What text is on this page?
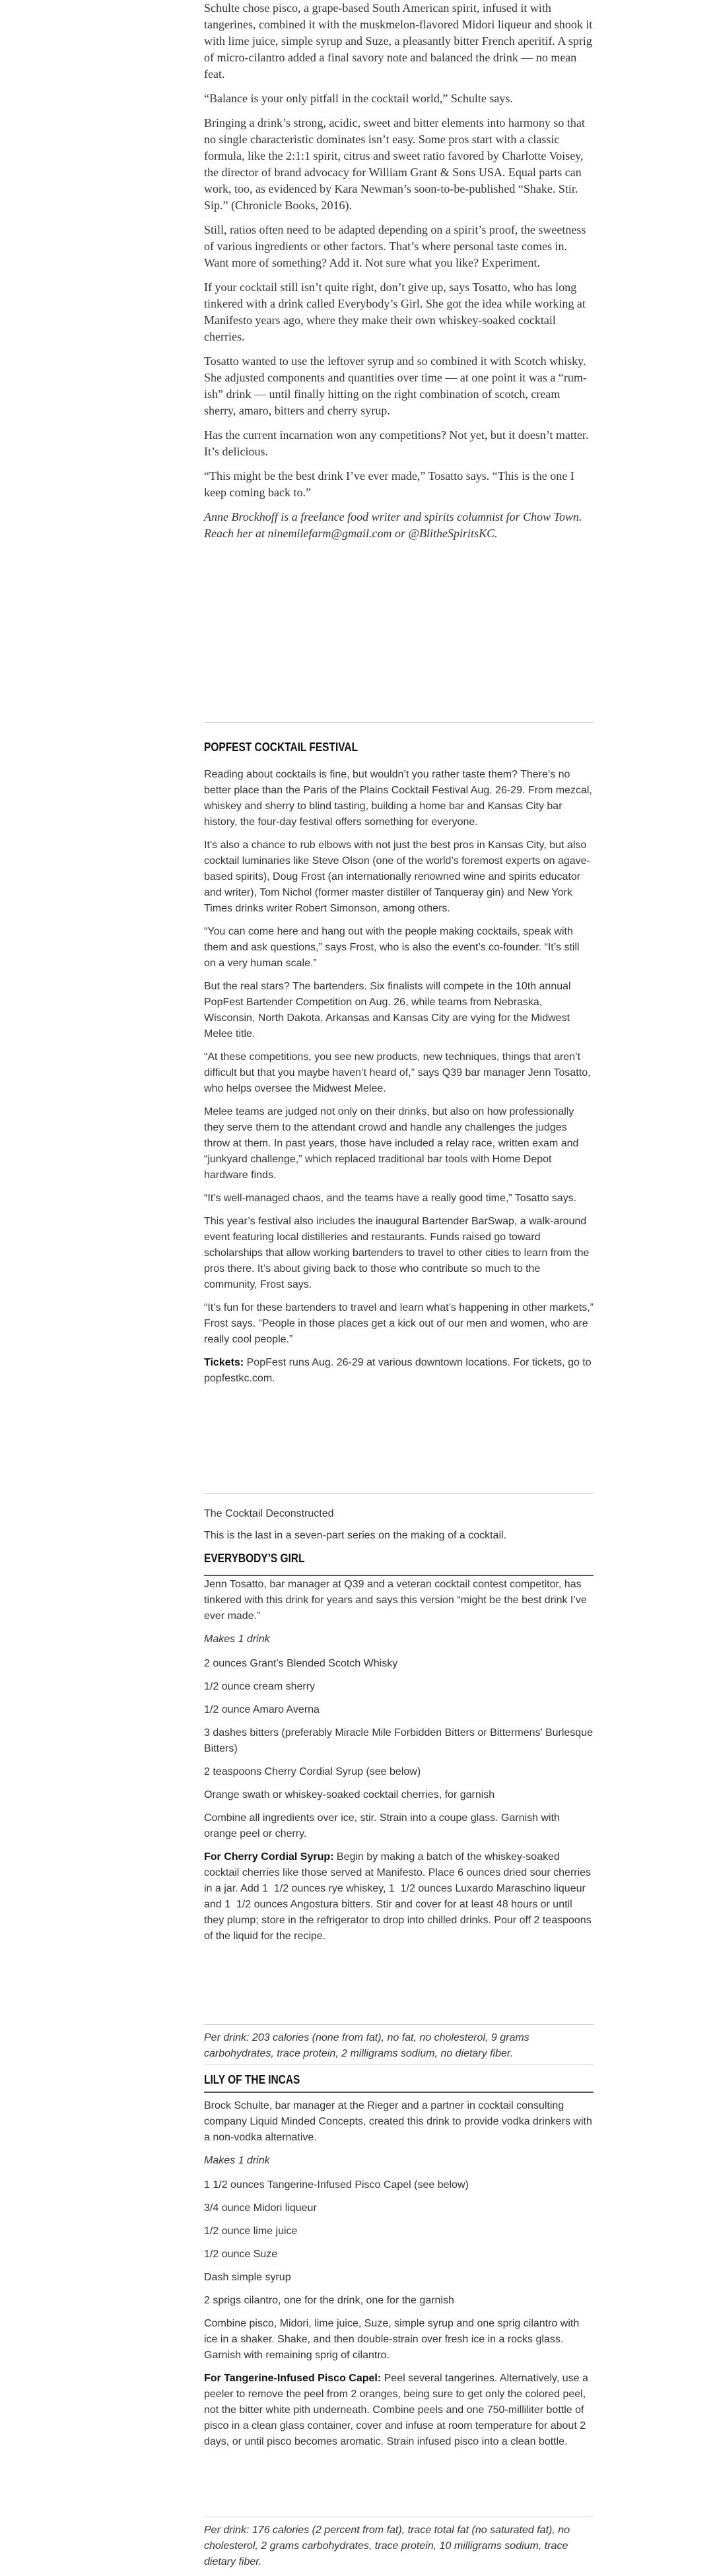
Schulte chose pisco, a grape-based South American spirit, infused it with tangerines, combined it with the muskmelon-flavored Midori liqueur and shook it with lime juice, simple syrup and Suze, a pleasantly bitter French aperitif. A sprig of micro-cilantro added a final savory note and balanced the drink — no mean feat.

“Balance is your only pitfall in the cocktail world,” Schulte says.

Bringing a drink’s strong, acidic, sweet and bitter elements into harmony so that no single characteristic dominates isn’t easy. Some pros start with a classic formula, like the 2:1:1 spirit, citrus and sweet ratio favored by Charlotte Voisey, the director of brand advocacy for William Grant & Sons USA. Equal parts can work, too, as evidenced by Kara Newman’s soon-to-be-published “Shake. Stir. Sip.” (Chronicle Books, 2016).

Still, ratios often need to be adapted depending on a spirit’s proof, the sweetness of various ingredients or other factors. That’s where personal taste comes in. Want more of something? Add it. Not sure what you like? Experiment.

If your cocktail still isn’t quite right, don’t give up, says Tosatto, who has long tinkered with a drink called Everybody’s Girl. She got the idea while working at Manifesto years ago, where they make their own whiskey-soaked cocktail cherries.

Tosatto wanted to use the leftover syrup and so combined it with Scotch whisky. She adjusted components and quantities over time — at one point it was a “rum-ish” drink — until finally hitting on the right combination of scotch, cream sherry, amaro, bitters and cherry syrup.

Has the current incarnation won any competitions? Not yet, but it doesn’t matter. It’s delicious.

“This might be the best drink I’ve ever made,” Tosatto says. “This is the one I keep coming back to.”

Anne Brockhoff is a freelance food writer and spirits columnist for Chow Town. Reach her at ninemilefarm@gmail.com or @BlitheSpiritsKC.

POPFEST COCKTAIL FESTIVAL

Reading about cocktails is fine, but wouldn’t you rather taste them? There’s no better place than the Paris of the Plains Cocktail Festival Aug. 26-29. From mezcal, whiskey and sherry to blind tasting, building a home bar and Kansas City bar history, the four-day festival offers something for everyone.

It’s also a chance to rub elbows with not just the best pros in Kansas City, but also cocktail luminaries like Steve Olson (one of the world’s foremost experts on agave-based spirits), Doug Frost (an internationally renowned wine and spirits educator and writer), Tom Nichol (former master distiller of Tanqueray gin) and New York Times drinks writer Robert Simonson, among others.

“You can come here and hang out with the people making cocktails, speak with them and ask questions,” says Frost, who is also the event’s co-founder. “It’s still on a very human scale.”

But the real stars? The bartenders. Six finalists will compete in the 10th annual PopFest Bartender Competition on Aug. 26, while teams from Nebraska, Wisconsin, North Dakota, Arkansas and Kansas City are vying for the Midwest Melee title.

“At these competitions, you see new products, new techniques, things that aren’t difficult but that you maybe haven’t heard of,” says Q39 bar manager Jenn Tosatto, who helps oversee the Midwest Melee.

Melee teams are judged not only on their drinks, but also on how professionally they serve them to the attendant crowd and handle any challenges the judges throw at them. In past years, those have included a relay race, written exam and “junkyard challenge,” which replaced traditional bar tools with Home Depot hardware finds.

“It’s well-managed chaos, and the teams have a really good time,” Tosatto says.

This year’s festival also includes the inaugural Bartender BarSwap, a walk-around event featuring local distilleries and restaurants. Funds raised go toward scholarships that allow working bartenders to travel to other cities to learn from the pros there. It’s about giving back to those who contribute so much to the community, Frost says.

“It’s fun for these bartenders to travel and learn what’s happening in other markets,” Frost says. “People in those places get a kick out of our men and women, who are really cool people.”

Tickets: PopFest runs Aug. 26-29 at various downtown locations. For tickets, go to popfestkc.com.

The Cocktail Deconstructed

This is the last in a seven-part series on the making of a cocktail.

EVERYBODY’S GIRL

Jenn Tosatto, bar manager at Q39 and a veteran cocktail contest competitor, has tinkered with this drink for years and says this version “might be the best drink I’ve ever made.”

Makes 1 drink

2 ounces Grant’s Blended Scotch Whisky

1/2 ounce cream sherry

1/2 ounce Amaro Averna

3 dashes bitters (preferably Miracle Mile Forbidden Bitters or Bittermens’ Burlesque Bitters)

2 teaspoons Cherry Cordial Syrup (see below)

Orange swath or whiskey-soaked cocktail cherries, for garnish

Combine all ingredients over ice, stir. Strain into a coupe glass. Garnish with orange peel or cherry.

For Cherry Cordial Syrup: Begin by making a batch of the whiskey-soaked cocktail cherries like those served at Manifesto. Place 6 ounces dried sour cherries in a jar. Add 1  1/2 ounces rye whiskey, 1  1/2 ounces Luxardo Maraschino liqueur and 1  1/2 ounces Angostura bitters. Stir and cover for at least 48 hours or until they plump; store in the refrigerator to drop into chilled drinks. Pour off 2 teaspoons of the liquid for the recipe.

Per drink: 203 calories (none from fat), no fat, no cholesterol, 9 grams carbohydrates, trace protein, 2 milligrams sodium, no dietary fiber.
LILY OF THE INCAS

Brock Schulte, bar manager at the Rieger and a partner in cocktail consulting company Liquid Minded Concepts, created this drink to provide vodka drinkers with a non-vodka alternative.

Makes 1 drink

1 1/2 ounces Tangerine-Infused Pisco Capel (see below)

3/4 ounce Midori liqueur

1/2 ounce lime juice

1/2 ounce Suze

Dash simple syrup

2 sprigs cilantro, one for the drink, one for the garnish

Combine pisco, Midori, lime juice, Suze, simple syrup and one sprig cilantro with ice in a shaker. Shake, and then double-strain over fresh ice in a rocks glass. Garnish with remaining sprig of cilantro.

For Tangerine-Infused Pisco Capel: Peel several tangerines. Alternatively, use a peeler to remove the peel from 2 oranges, being sure to get only the colored peel, not the bitter white pith underneath. Combine peels and one 750-milliliter bottle of pisco in a clean glass container, cover and infuse at room temperature for about 2 days, or until pisco becomes aromatic. Strain infused pisco into a clean bottle.

Per drink: 176 calories (2 percent from fat), trace total fat (no saturated fat), no cholesterol, 2 grams carbohydrates, trace protein, 10 milligrams sodium, trace dietary fiber.
